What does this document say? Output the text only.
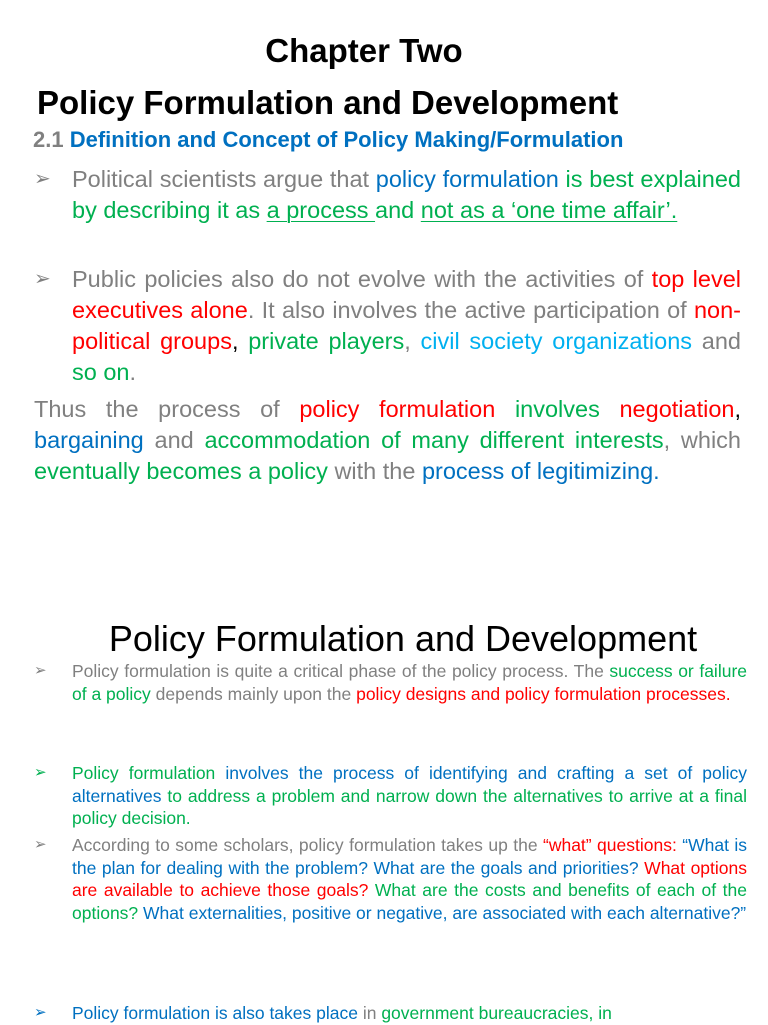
Chapter Two
Policy Formulation and Development
2.1 Definition and Concept of Policy Making/Formulation
➢ Political scientists argue that policy formulation is best explained by describing it as a process and not as a ‘one time affair’.

➢ Public policies also do not evolve with the activities of top level executives alone. It also involves the active participation of non-political groups, private players, civil society organizations and so on.

Thus the process of policy formulation involves negotiation, bargaining and accommodation of many different interests, which eventually becomes a policy with the process of legitimizing.

Policy Formulation and Development
➢	Policy formulation is quite a critical phase of the policy process. The success or failure of a policy depends mainly upon the policy designs and policy formulation processes.

➢	Policy formulation involves the process of identifying and crafting a set of policy alternatives to address a problem and narrow down the alternatives to arrive at a final policy decision.

➢	According to some scholars, policy formulation takes up the “what” questions: “What is the plan for dealing with the problem? What are the goals and priorities? What options are available to achieve those goals? What are the costs and benefits of each of the options? What externalities, positive or negative, are associated with each alternative?”

➢	Policy formulation is also takes place in government bureaucracies, in
